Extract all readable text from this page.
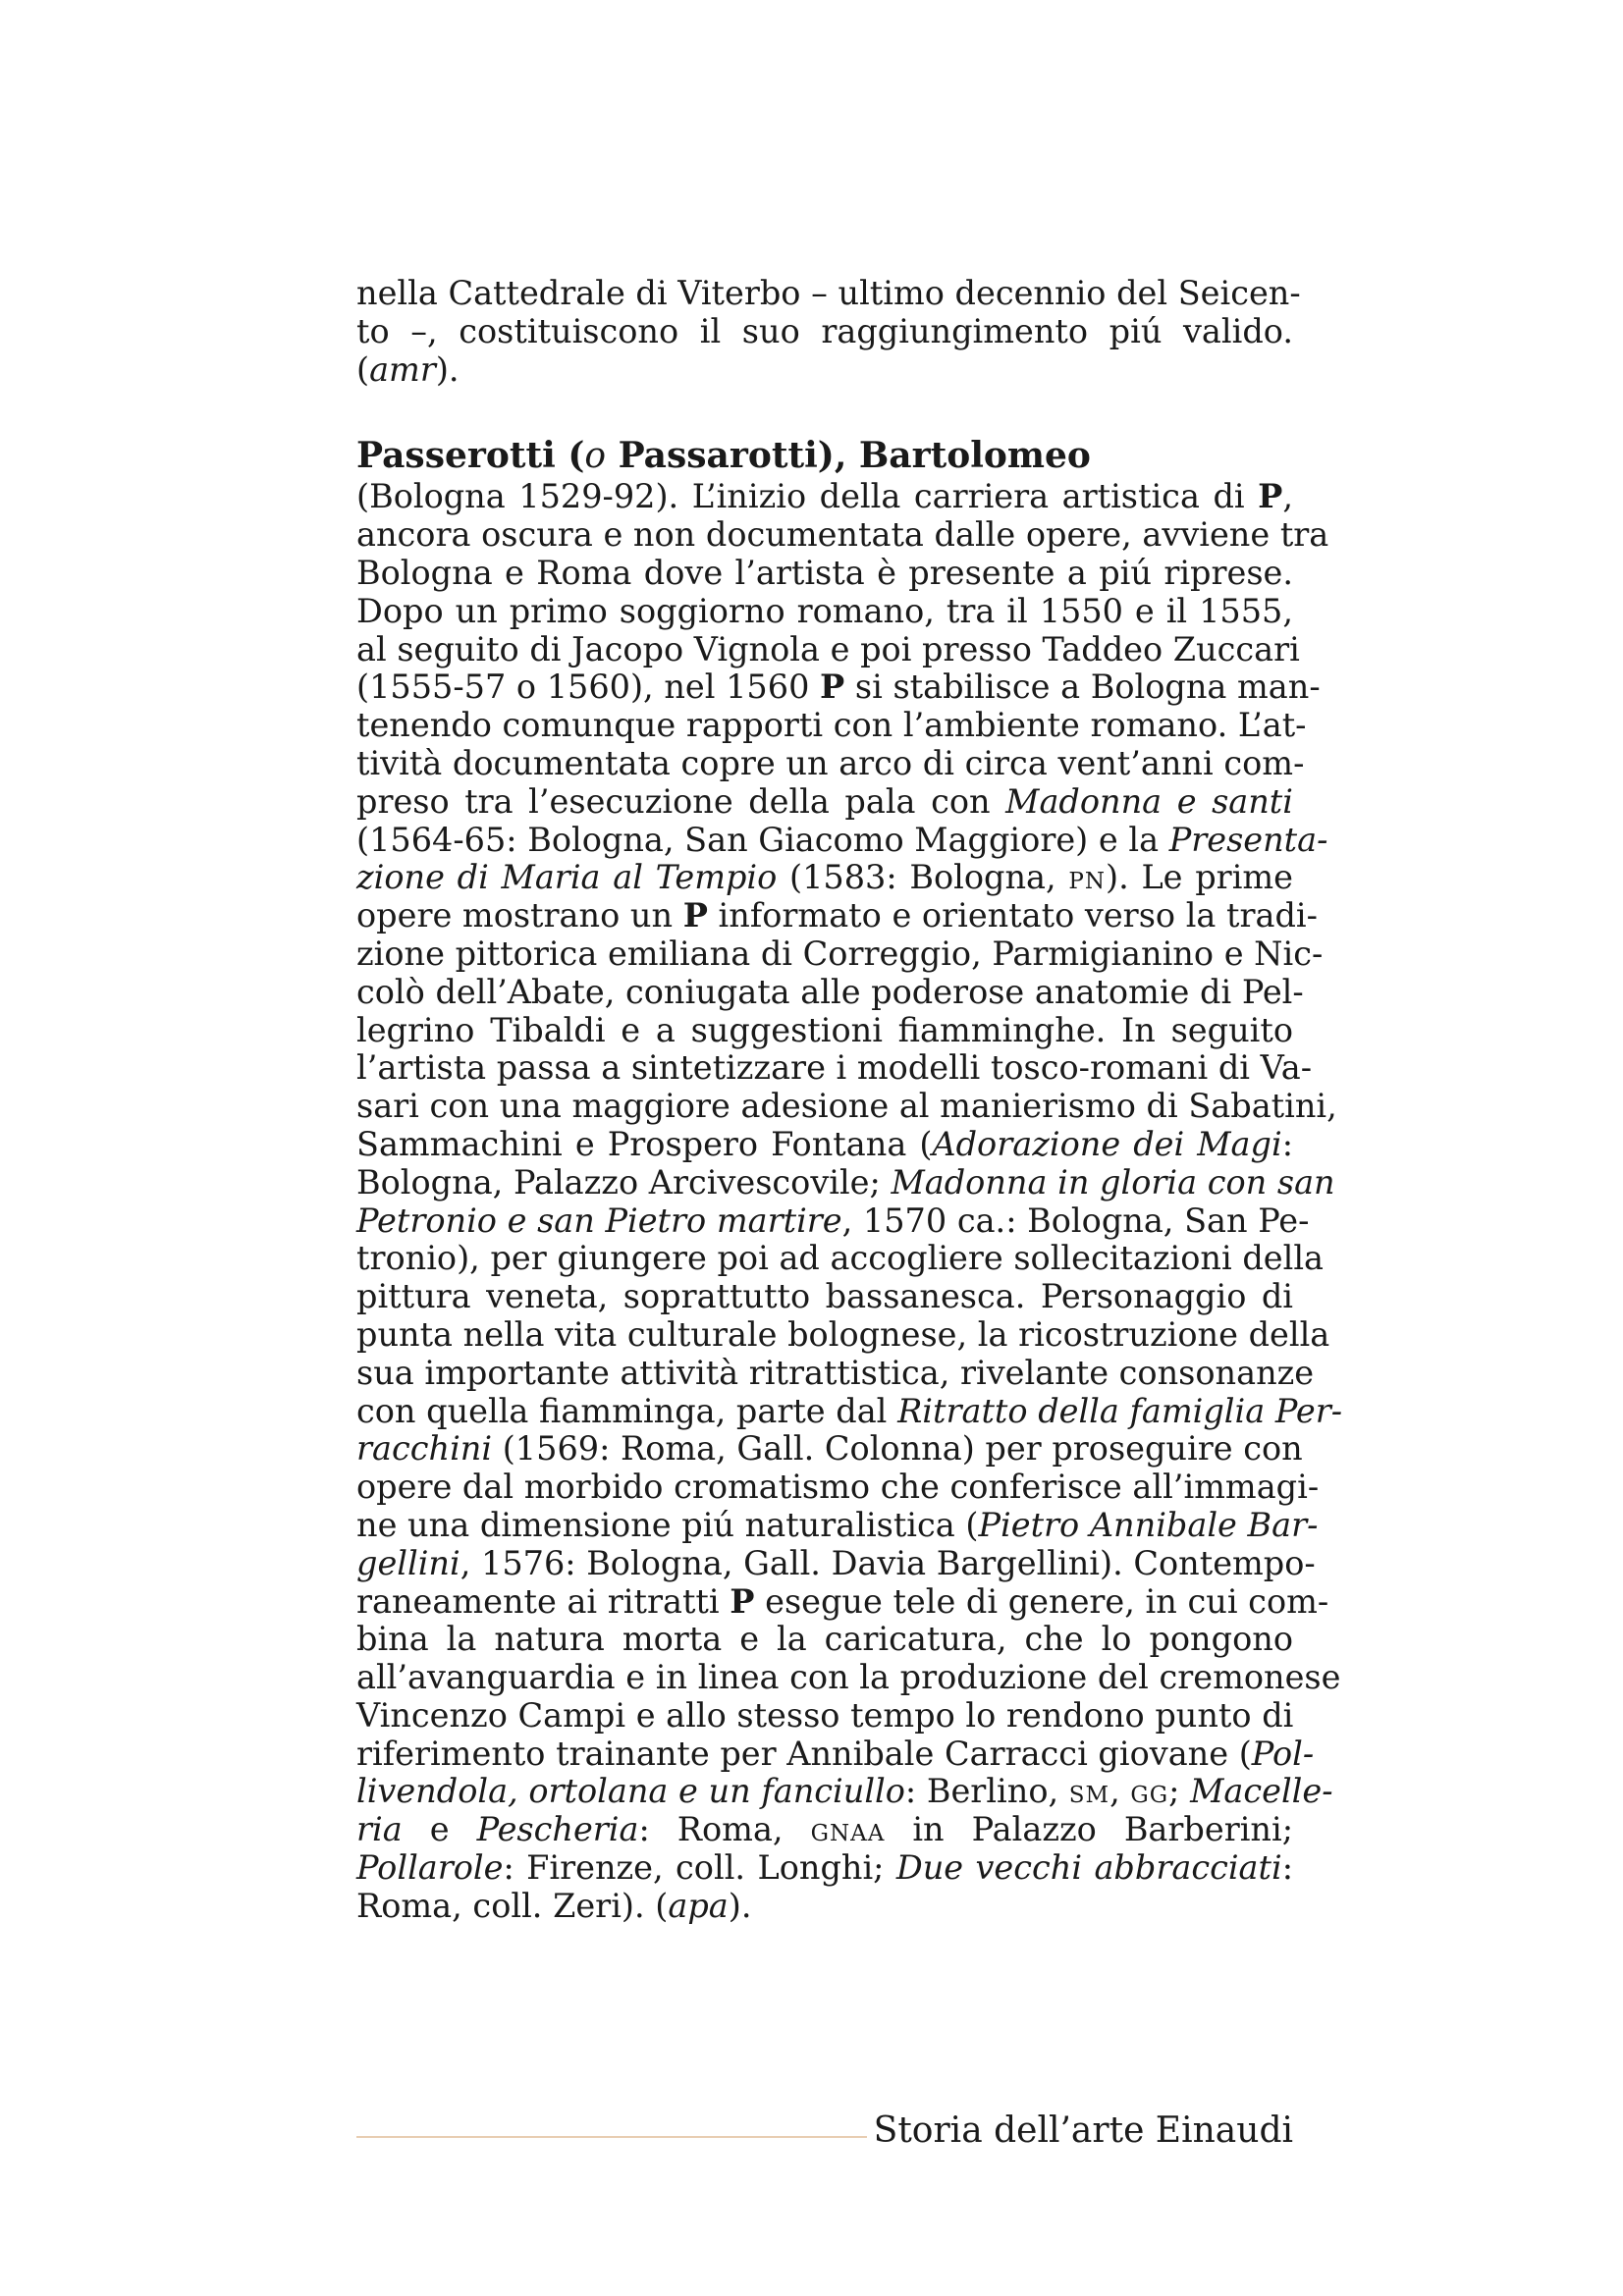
nella Cattedrale di Viterbo – ultimo decennio del Seicen-
to –, costituiscono il suo raggiungimento piú valido.
(amr).

Passerotti (o Passarotti), Bartolomeo

(Bologna 1529-92). L’inizio della carriera artistica di P,
ancora oscura e non documentata dalle opere, avviene tra
Bologna e Roma dove l’artista è presente a piú riprese.
Dopo un primo soggiorno romano, tra il 1550 e il 1555,
al seguito di Jacopo Vignola e poi presso Taddeo Zuccari
(1555-57 o 1560), nel 1560 P si stabilisce a Bologna man-
tenendo comunque rapporti con l’ambiente romano. L’at-
tività documentata copre un arco di circa vent’anni com-
preso tra l’esecuzione della pala con Madonna e santi
(1564-65: Bologna, San Giacomo Maggiore) e la Presenta-
zione di Maria al Tempio (1583: Bologna, pn). Le prime
opere mostrano un P informato e orientato verso la tradi-
zione pittorica emiliana di Correggio, Parmigianino e Nic-
colò dell’Abate, coniugata alle poderose anatomie di Pel-
legrino Tibaldi e a suggestioni fiamminghe. In seguito
l’artista passa a sintetizzare i modelli tosco-romani di Va-
sari con una maggiore adesione al manierismo di Sabatini,
Sammachini e Prospero Fontana (Adorazione dei Magi:
Bologna, Palazzo Arcivescovile; Madonna in gloria con san
Petronio e san Pietro martire, 1570 ca.: Bologna, San Pe-
tronio), per giungere poi ad accogliere sollecitazioni della
pittura veneta, soprattutto bassanesca. Personaggio di
punta nella vita culturale bolognese, la ricostruzione della
sua importante attività ritrattistica, rivelante consonanze
con quella fiamminga, parte dal Ritratto della famiglia Per-
racchini (1569: Roma, Gall. Colonna) per proseguire con
opere dal morbido cromatismo che conferisce all’immagi-
ne una dimensione piú naturalistica (Pietro Annibale Bar-
gellini, 1576: Bologna, Gall. Davia Bargellini). Contempo-
raneamente ai ritratti P esegue tele di genere, in cui com-
bina la natura morta e la caricatura, che lo pongono
all’avanguardia e in linea con la produzione del cremonese
Vincenzo Campi e allo stesso tempo lo rendono punto di
riferimento trainante per Annibale Carracci giovane (Pol-
livendola, ortolana e un fanciullo: Berlino, sm, gg; Macelle-
ria e Pescheria: Roma, gnaa in Palazzo Barberini;
Pollarole: Firenze, coll. Longhi; Due vecchi abbracciati:
Roma, coll. Zeri). (apa).

Storia dell’arte Einaudi
